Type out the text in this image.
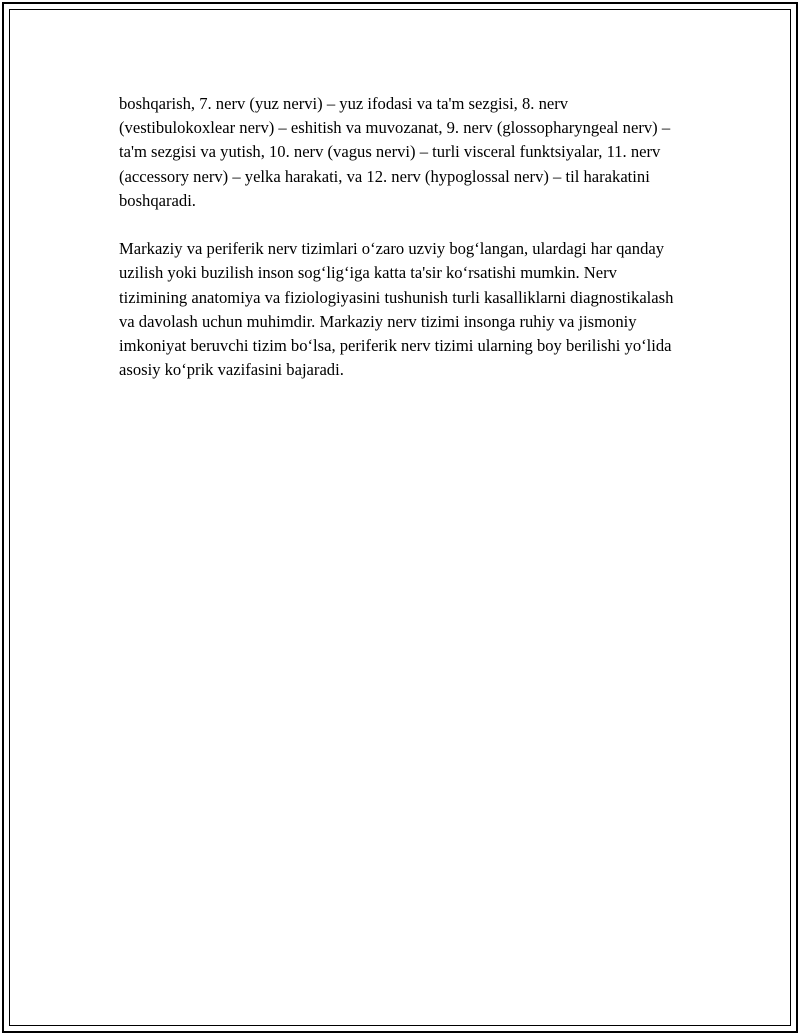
boshqarish, 7. nerv (yuz nervi) – yuz ifodasi va ta'm sezgisi, 8. nerv (vestibulokoxlear nerv) – eshitish va muvozanat, 9. nerv (glossopharyngeal nerv) – ta'm sezgisi va yutish, 10. nerv (vagus nervi) – turli visceral funktsiyalar, 11. nerv (accessory nerv) – yelka harakati, va 12. nerv (hypoglossal nerv) – til harakatini boshqaradi.

Markaziy va periferik nerv tizimlari o‘zaro uzviy bog‘langan, ulardagi har qanday uzilish yoki buzilish inson sog‘lig‘iga katta ta'sir ko‘rsatishi mumkin. Nerv tizimining anatomiya va fiziologiyasini tushunish turli kasalliklarni diagnostikalash va davolash uchun muhimdir. Markaziy nerv tizimi insonga ruhiy va jismoniy imkoniyat beruvchi tizim bo‘lsa, periferik nerv tizimi ularning boy berilishi yo‘lida asosiy ko‘prik vazifasini bajaradi.
